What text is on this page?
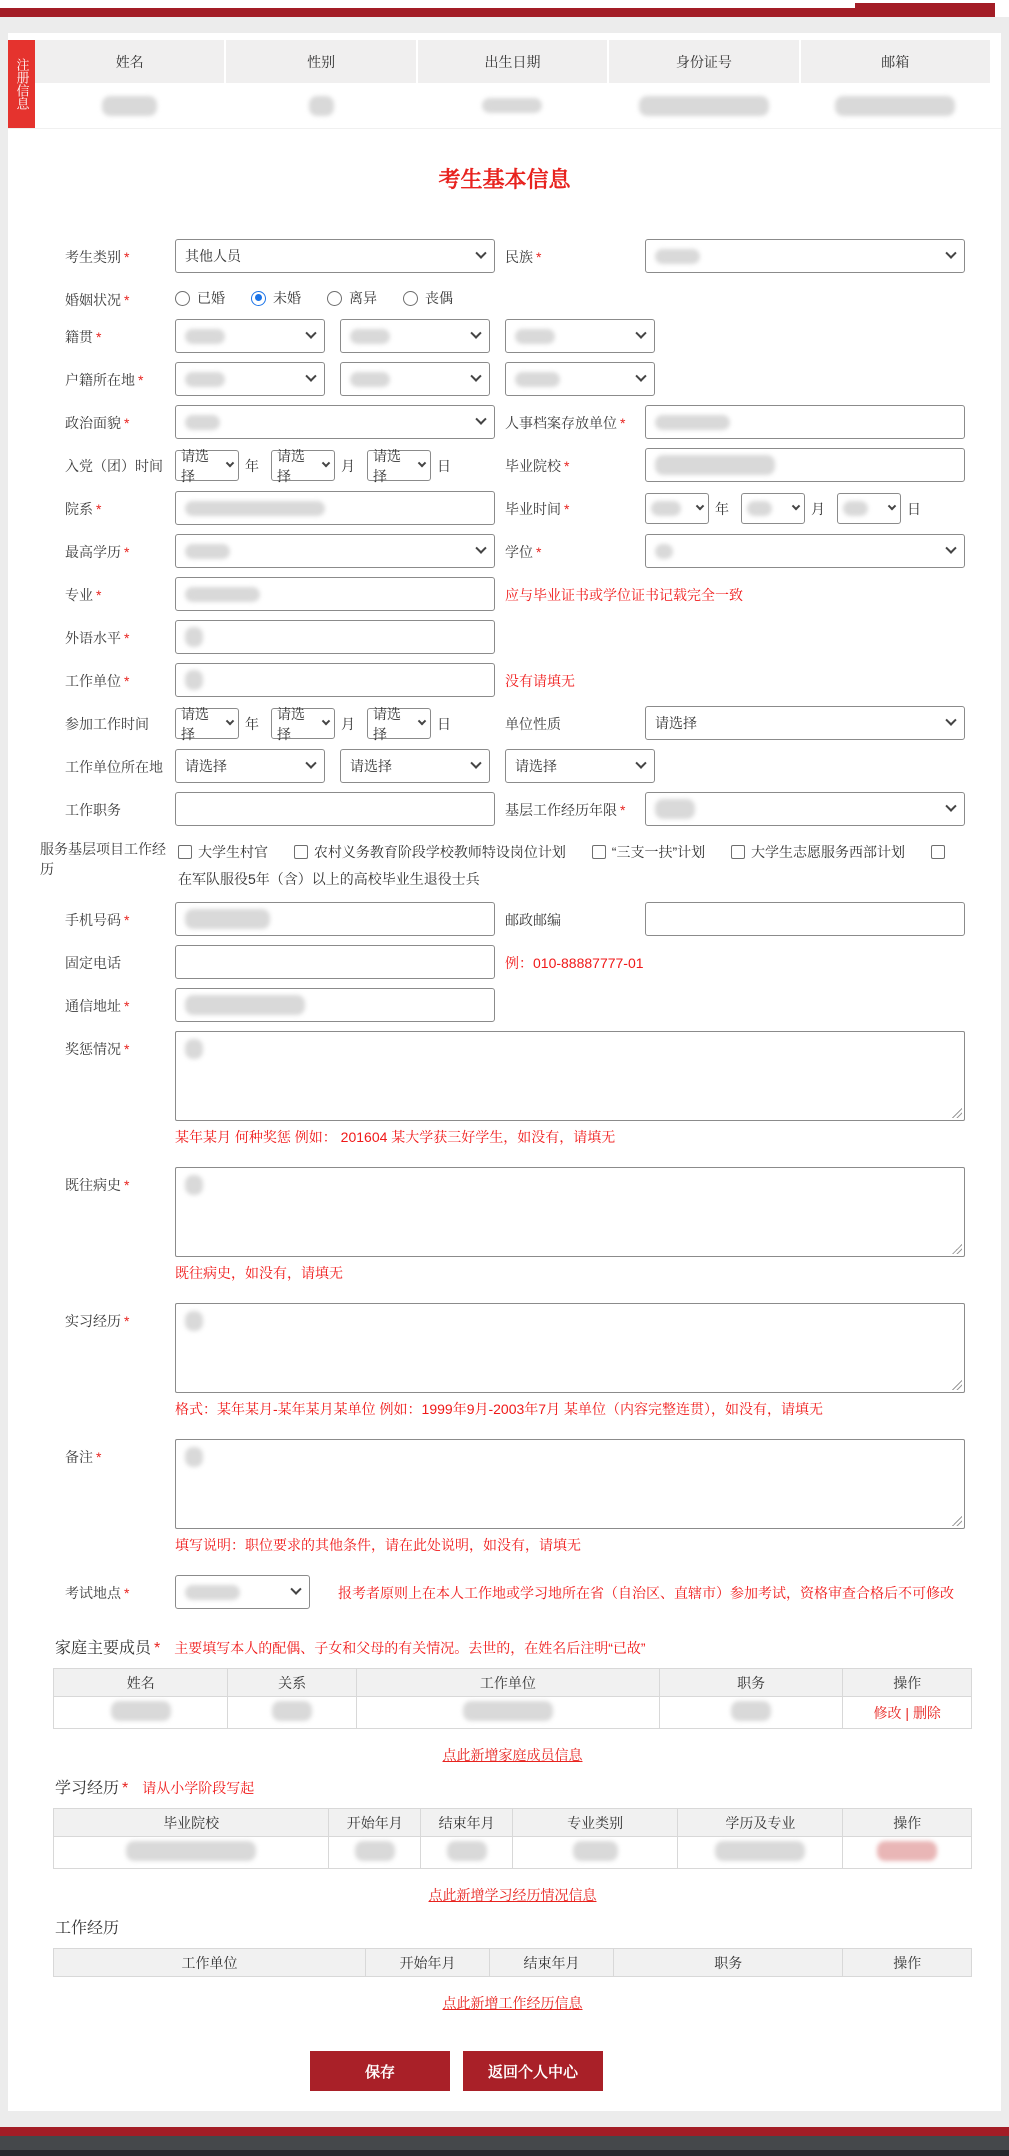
注册信息	姓名	性别	出生日期	身份证号	邮箱
考生基本信息
考生类别 *	其他人员	民族 *
婚姻状况 *	已婚	未婚	离异	丧偶
籍贯 *
户籍所在地 *
政治面貌 *	人事档案存放单位 *
入党（团）时间
请选择
年
请选择
月
请选择
日	毕业院校 *
院系 *	毕业时间 *	年	月	日
最高学历 *	学位 *
专业 *	应与毕业证书或学位证书记载完全一致
外语水平 *
工作单位 *	没有请填无
参加工作时间
请选择
年
请选择
月
请选择
日	单位性质	请选择
工作单位所在地	请选择	请选择	请选择
工作职务	基层工作经历年限 *
服务基层项目工作经历
大学生村官	农村义务教育阶段学校教师特设岗位计划	“三支一扶”计划	大学生志愿服务西部计划 在军队服役5年（含）以上的高校毕业生退役士兵
手机号码 *	邮政邮编
固定电话	例：010-88887777-01
通信地址 *
奖惩情况 *
某年某月 何种奖惩 例如： 201604 某大学获三好学生，如没有，请填无
既往病史 *
既往病史，如没有，请填无
实习经历 *
格式：某年某月-某年某月某单位 例如：1999年9月-2003年7月 某单位（内容完整连贯），如没有，请填无
备注 *
填写说明：职位要求的其他条件，请在此处说明，如没有，请填无
考试地点 *	报考者原则上在本人工作地或学习地所在省（自治区、直辖市）参加考试，资格审查合格后不可修改
家庭主要成员 * 主要填写本人的配偶、子女和父母的有关情况。去世的，在姓名后注明“已故”
姓名	关系	工作单位	职务	操作
				修改 | 删除
点此新增家庭成员信息
学习经历 * 请从小学阶段写起
毕业院校	开始年月	结束年月	专业类别	学历及专业	操作

点此新增学习经历情况信息
工作经历
工作单位	开始年月	结束年月	职务	操作
点此新增工作经历信息
保存	返回个人中心
